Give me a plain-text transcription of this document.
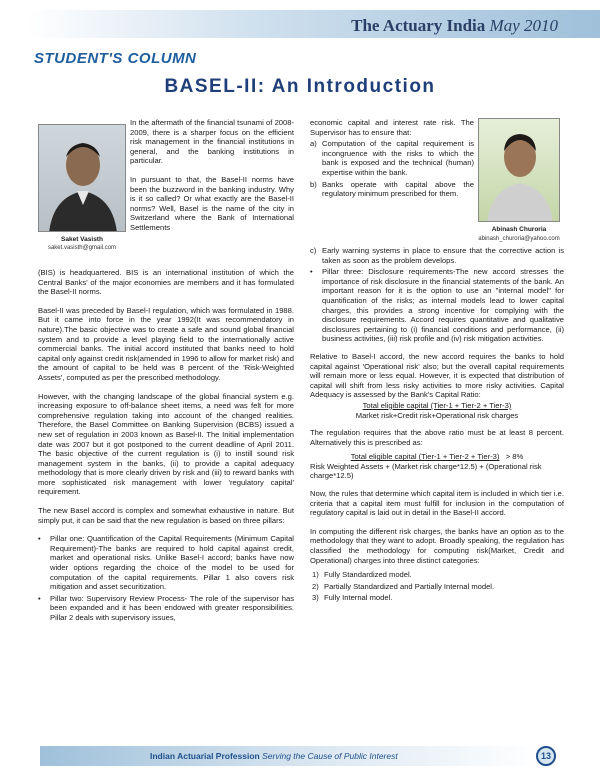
The Actuary India May 2010
STUDENT'S COLUMN
BASEL-II: An Introduction
Saket Vasisth
saket.vasisth@gmail.com
Abinash Churoria
abinash_churoria@yahoo.com

In the aftermath of the financial tsunami of 2008-2009, there is a sharper focus on the efficient risk management in the financial institutions in general, and the banking institutions in particular.

In pursuant to that, the Basel-II norms have been the buzzword in the banking industry. Why is it so called? Or what exactly are the Basel-II norms? Well, Basel is the name of the city in Switzerland where the Bank of International Settlements

(BIS) is headquartered. BIS is an international institution of which the Central Banks' of the major economies are members and it has formulated the Basel-II norms.

Basel-II was preceded by Basel-I regulation, which was formulated in 1988. But it came into force in the year 1992(It was recommendatory in nature).The basic objective was to create a safe and sound global financial system and to provide a level playing field to the internationally active commercial banks. The initial accord instituted that banks need to hold capital only against credit risk(amended in 1996 to allow for market risk) and the amount of capital to be held was 8 percent of the 'Risk-Weighted Assets', computed as per the prescribed methodology.

However, with the changing landscape of the global financial system e.g. increasing exposure to off-balance sheet items, a need was felt for more comprehensive regulation taking into account of the changed realities. Therefore, the Basel Committee on Banking Supervision (BCBS) issued a new set of regulation in 2003 known as Basel-II. The Initial implementation date was 2007 but it got postponed to the current deadline of April 2011. The basic objective of the current regulation is (i) to instill sound risk management system in the banks, (ii) to provide a capital adequacy methodology that is more clearly driven by risk and (iii) to reward banks with more sophisticated risk management with lower 'regulatory capital' requirement.

The new Basel accord is complex and somewhat exhaustive in nature. But simply put, it can be said that the new regulation is based on three pillars:

• Pillar one: Quantification of the Capital Requirements (Minimum Capital Requirement)-The banks are required to hold capital against credit, market and operational risks. Unlike Basel-I accord; banks have now wider options regarding the choice of the model to be used for computation of the capital requirements. Pillar 1 also covers risk mitigation and asset securitization.
• Pillar two: Supervisory Review Process- The role of the supervisor has been expanded and it has been endowed with greater responsibilities. Pillar 2 deals with supervisory issues,

economic capital and interest rate risk. The Supervisor has to ensure that:

a) Computation of the capital requirement is incongruence with the risks to which the bank is exposed and the technical (human) expertise within the bank.
b) Banks operate with capital above the regulatory minimum prescribed for them.
c) Early warning systems in place to ensure that the corrective action is taken as soon as the problem develops.
• Pillar three: Disclosure requirements-The new accord stresses the importance of risk disclosure in the financial statements of the bank. An important reason for it is the option to use an "internal model" for quantification of the risks; as internal models lead to lower capital charges, this provides a strong incentive for complying with the disclosure requirements. Accord requires quantitative and qualitative disclosures pertaining to (i) financial conditions and performance, (ii) business activities, (iii) risk profile and (iv) risk mitigation activities.

Relative to Basel-I accord, the new accord requires the banks to hold capital against 'Operational risk' also; but the overall capital requirements will remain more or less equal. However, it is expected that distribution of capital will shift from less risky activities to more risky activities. Capital Adequacy is assessed by the Bank's Capital Ratio:

Total eligible capital (Tier-1 + Tier-2 + Tier-3)
Market risk+Credit risk+Operational risk charges

The regulation requires that the above ratio must be at least 8 percent. Alternatively this is prescribed as:

Total eligible capital (Tier-1 + Tier-2 + Tier-3) > 8%
Risk Weighted Assets + (Market risk charge*12.5) + (Operational risk charge*12.5)

Now, the rules that determine which capital item is included in which tier i.e. criteria that a capital item must fulfill for inclusion in the computation of regulatory capital is laid out in detail in the Basel-II accord.

In computing the different risk charges, the banks have an option as to the methodology that they want to adopt. Broadly speaking, the regulation has classified the methodology for computing risk(Market, Credit and Operational) charges into three distinct categories:

1) Fully Standardized model.
2) Partially Standardized and Partially Internal model.
3) Fully Internal model.
Indian Actuarial Profession Serving the Cause of Public Interest	13
